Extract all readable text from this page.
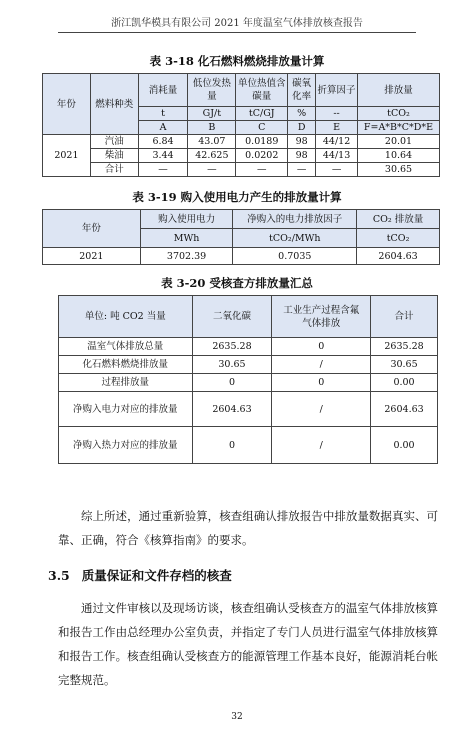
浙江凯华模具有限公司 2021 年度温室气体排放核查报告
表 3-18 化石燃料燃烧排放量计算
年份	燃料种类	消耗量	低位发热量	单位热值含碳量	碳氧化率	折算因子	排放量
		t	GJ/t	tC/GJ	%	--	tCO₂
		A	B	C	D	E	F=A*B*C*D*E
2021	汽油	6.84	43.07	0.0189	98	44/12	20.01
	柴油	3.44	42.625	0.0202	98	44/13	10.64
	合计	—	—	—	—	—	30.65
表 3-19 购入使用电力产生的排放量计算
年份	购入使用电力	净购入的电力排放因子	CO₂ 排放量
	MWh	tCO₂/MWh	tCO₂
2021	3702.39	0.7035	2604.63
表 3-20 受核查方排放量汇总
单位: 吨 CO2 当量	二氧化碳	工业生产过程含氟气体排放	合计
温室气体排放总量	2635.28	0	2635.28
化石燃料燃烧排放量	30.65	/	30.65
过程排放量	0	0	0.00
净购入电力对应的排放量	2604.63	/	2604.63
净购入热力对应的排放量	0	/	0.00
综上所述，通过重新验算，核查组确认排放报告中排放量数据真实、可靠、正确，符合《核算指南》的要求。
3.5 质量保证和文件存档的核查
通过文件审核以及现场访谈，核查组确认受核查方的温室气体排放核算和报告工作由总经理办公室负责，并指定了专门人员进行温室气体排放核算和报告工作。核查组确认受核查方的能源管理工作基本良好，能源消耗台帐完整规范。
32
